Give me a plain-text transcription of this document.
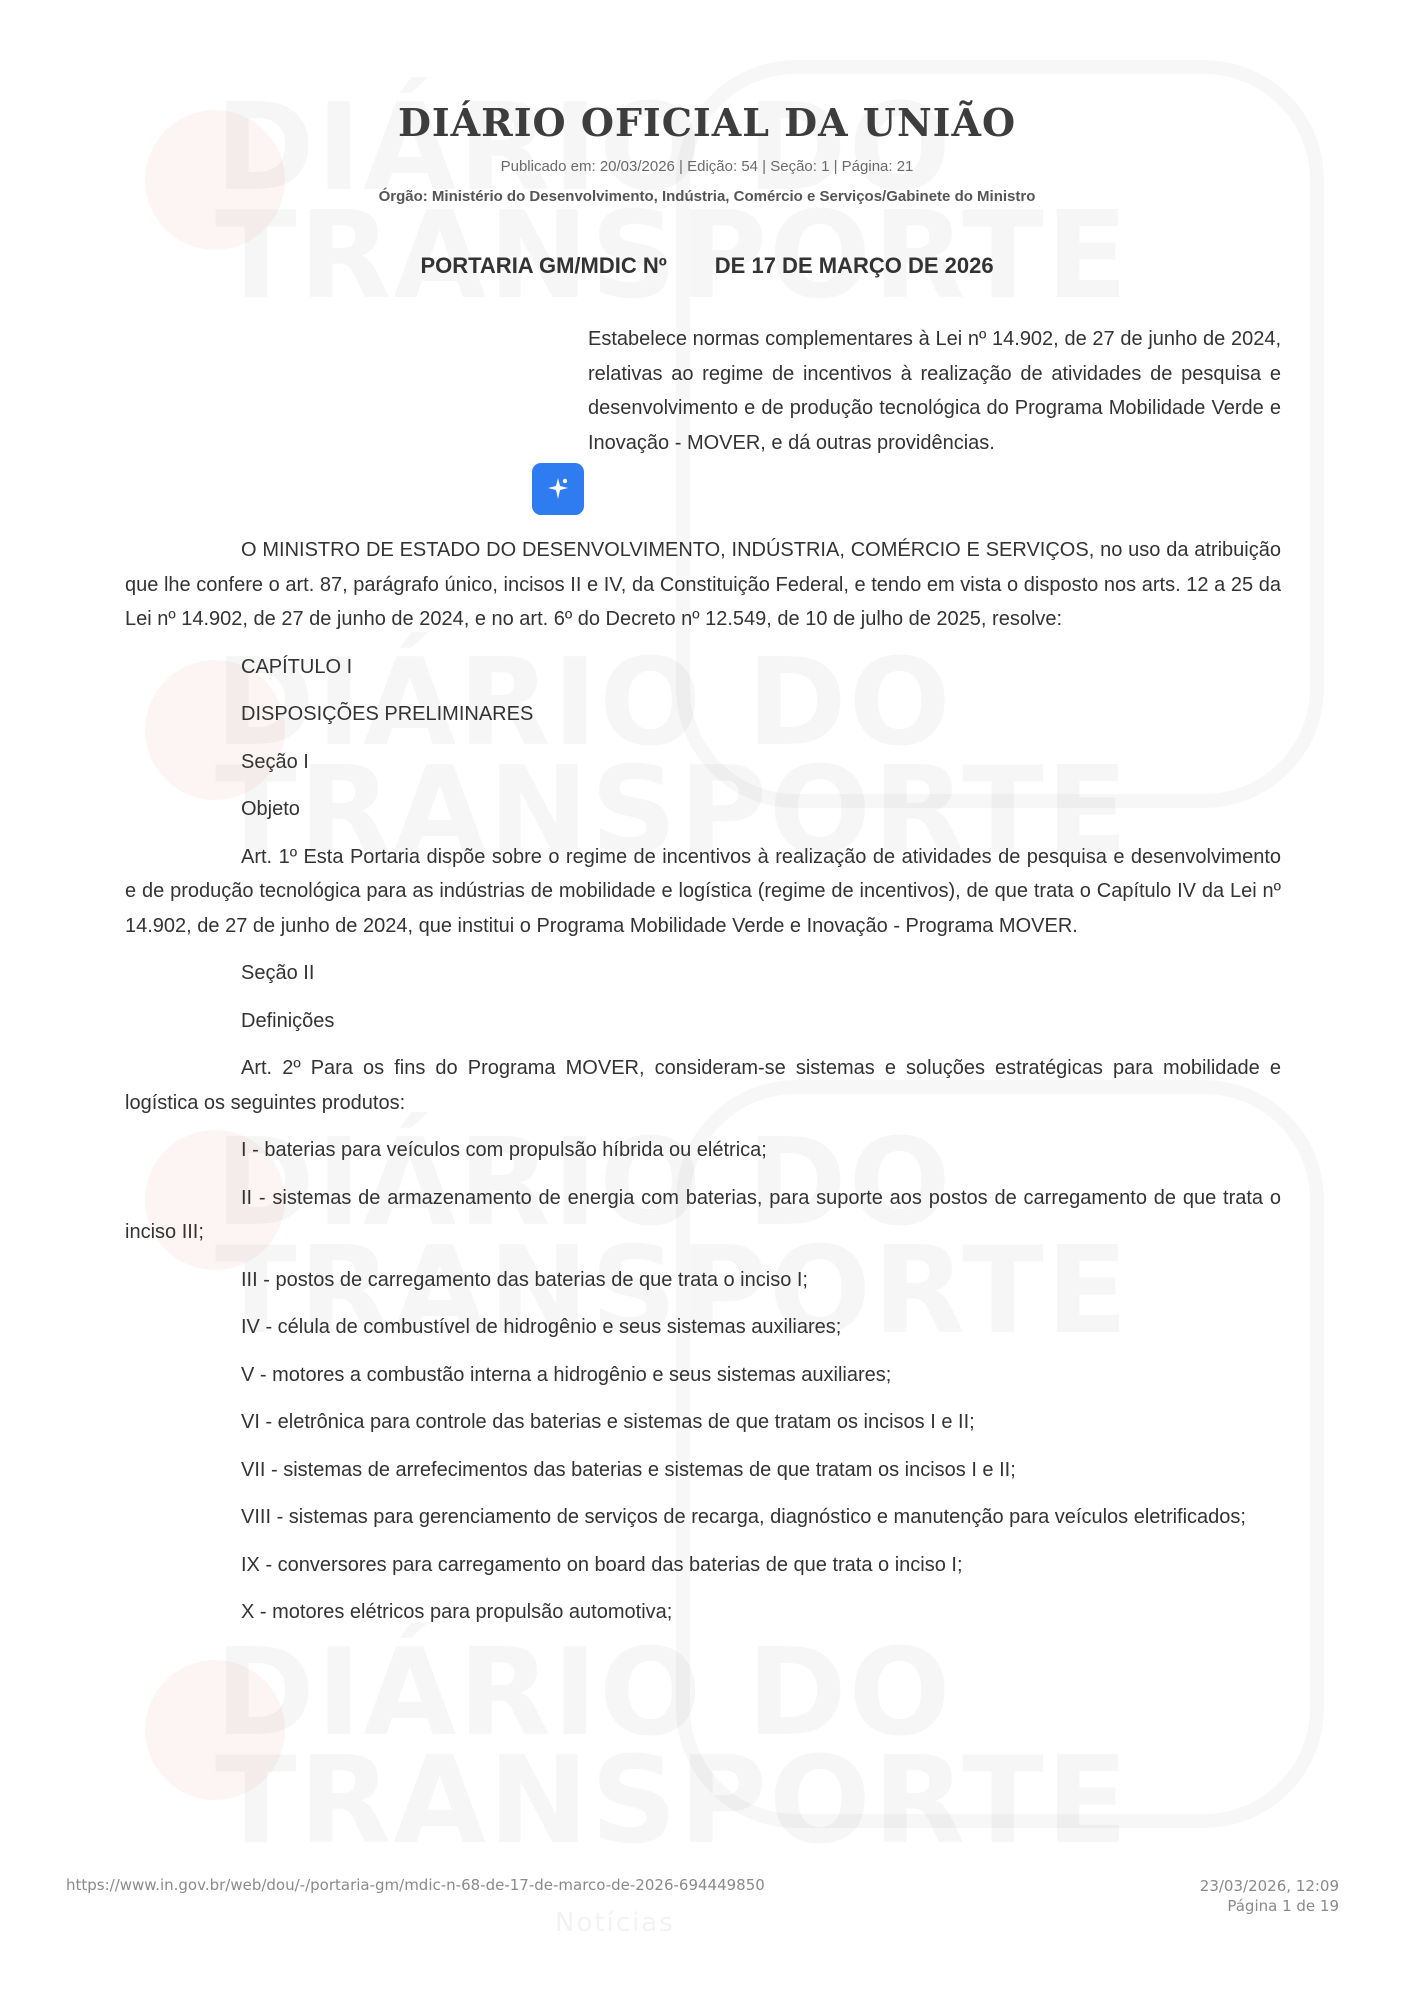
Notícias
DIÁRIO OFICIAL DA UNIÃO
Publicado em: 20/03/2026 | Edição: 54 | Seção: 1 | Página: 21
Órgão: Ministério do Desenvolvimento, Indústria, Comércio e Serviços/Gabinete do Ministro
PORTARIA GM/MDIC Nº DE 17 DE MARÇO DE 2026
Estabelece normas complementares à Lei nº 14.902, de 27 de junho de 2024, relativas ao regime de incentivos à realização de atividades de pesquisa e desenvolvimento e de produção tecnológica do Programa Mobilidade Verde e Inovação - MOVER, e dá outras providências.

O MINISTRO DE ESTADO DO DESENVOLVIMENTO, INDÚSTRIA, COMÉRCIO E SERVIÇOS, no uso da atribuição que lhe confere o art. 87, parágrafo único, incisos II e IV, da Constituição Federal, e tendo em vista o disposto nos arts. 12 a 25 da Lei nº 14.902, de 27 de junho de 2024, e no art. 6º do Decreto nº 12.549, de 10 de julho de 2025, resolve:

CAPÍTULO I

DISPOSIÇÕES PRELIMINARES

Seção I

Objeto

Art. 1º Esta Portaria dispõe sobre o regime de incentivos à realização de atividades de pesquisa e desenvolvimento e de produção tecnológica para as indústrias de mobilidade e logística (regime de incentivos), de que trata o Capítulo IV da Lei nº 14.902, de 27 de junho de 2024, que institui o Programa Mobilidade Verde e Inovação - Programa MOVER.

Seção II

Definições

Art. 2º Para os fins do Programa MOVER, consideram-se sistemas e soluções estratégicas para mobilidade e logística os seguintes produtos:

I - baterias para veículos com propulsão híbrida ou elétrica;

II - sistemas de armazenamento de energia com baterias, para suporte aos postos de carregamento de que trata o inciso III;

III - postos de carregamento das baterias de que trata o inciso I;

IV - célula de combustível de hidrogênio e seus sistemas auxiliares;

V - motores a combustão interna a hidrogênio e seus sistemas auxiliares;

VI - eletrônica para controle das baterias e sistemas de que tratam os incisos I e II;

VII - sistemas de arrefecimentos das baterias e sistemas de que tratam os incisos I e II;

VIII - sistemas para gerenciamento de serviços de recarga, diagnóstico e manutenção para veículos eletrificados;

IX - conversores para carregamento on board das baterias de que trata o inciso I;

X - motores elétricos para propulsão automotiva;

https://www.in.gov.br/web/dou/-/portaria-gm/mdic-n-68-de-17-de-marco-de-2026-694449850	23/03/2026, 12:09
Página 1 de 19
